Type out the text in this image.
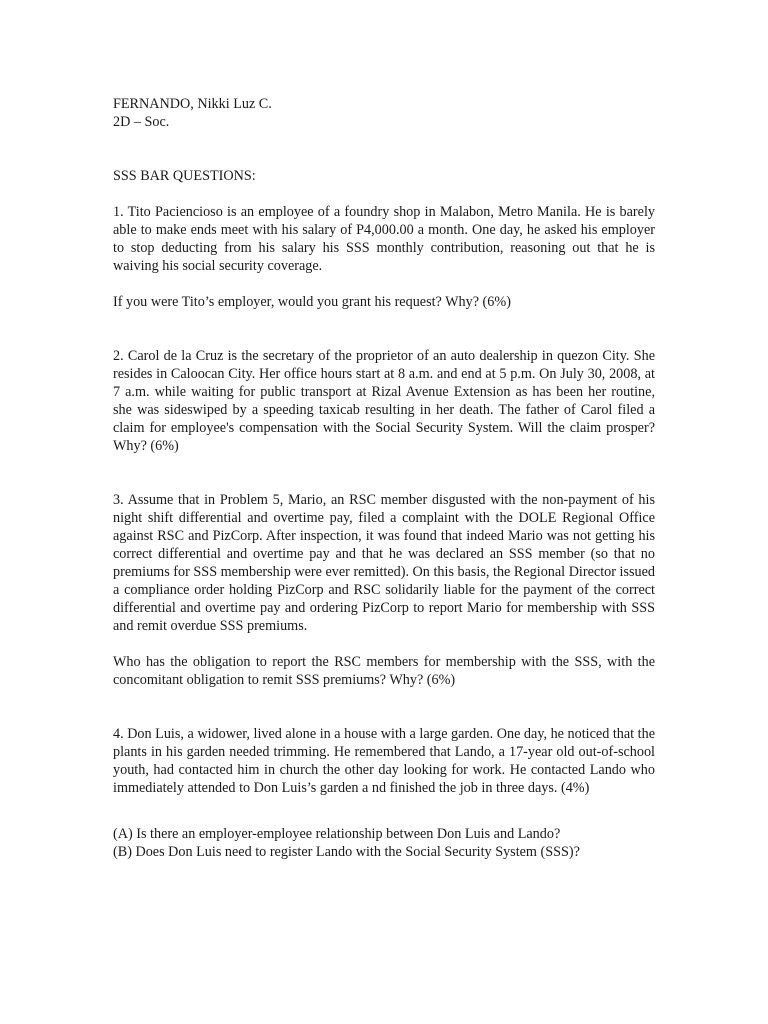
FERNANDO, Nikki Luz C.
2D – Soc.
SSS BAR QUESTIONS:

1. Tito Paciencioso is an employee of a foundry shop in Malabon, Metro Manila. He is barely able to make ends meet with his salary of P4,000.00 a month. One day, he asked his employer to stop deducting from his salary his SSS monthly contribution, reasoning out that he is waiving his social security coverage.

If you were Tito’s employer, would you grant his request? Why? (6%)

2. Carol de la Cruz is the secretary of the proprietor of an auto dealership in quezon City. She resides in Caloocan City. Her office hours start at 8 a.m. and end at 5 p.m. On July 30, 2008, at 7 a.m. while waiting for public transport at Rizal Avenue Extension as has been her routine, she was sideswiped by a speeding taxicab resulting in her death. The father of Carol filed a claim for employee's compensation with the Social Security System. Will the claim prosper? Why? (6%)

3. Assume that in Problem 5, Mario, an RSC member disgusted with the non-payment of his night shift differential and overtime pay, filed a complaint with the DOLE Regional Office against RSC and PizCorp. After inspection, it was found that indeed Mario was not getting his correct differential and overtime pay and that he was declared an SSS member (so that no premiums for SSS membership were ever remitted). On this basis, the Regional Director issued a compliance order holding PizCorp and RSC solidarily liable for the payment of the correct differential and overtime pay and ordering PizCorp to report Mario for membership with SSS and remit overdue SSS premiums.

Who has the obligation to report the RSC members for membership with the SSS, with the concomitant obligation to remit SSS premiums? Why? (6%)

4. Don Luis, a widower, lived alone in a house with a large garden. One day, he noticed that the plants in his garden needed trimming. He remembered that Lando, a 17-year old out-of-school youth, had contacted him in church the other day looking for work. He contacted Lando who immediately attended to Don Luis’s garden a nd finished the job in three days. (4%)

(A) Is there an employer-employee relationship between Don Luis and Lando?
(B) Does Don Luis need to register Lando with the Social Security System (SSS)?
